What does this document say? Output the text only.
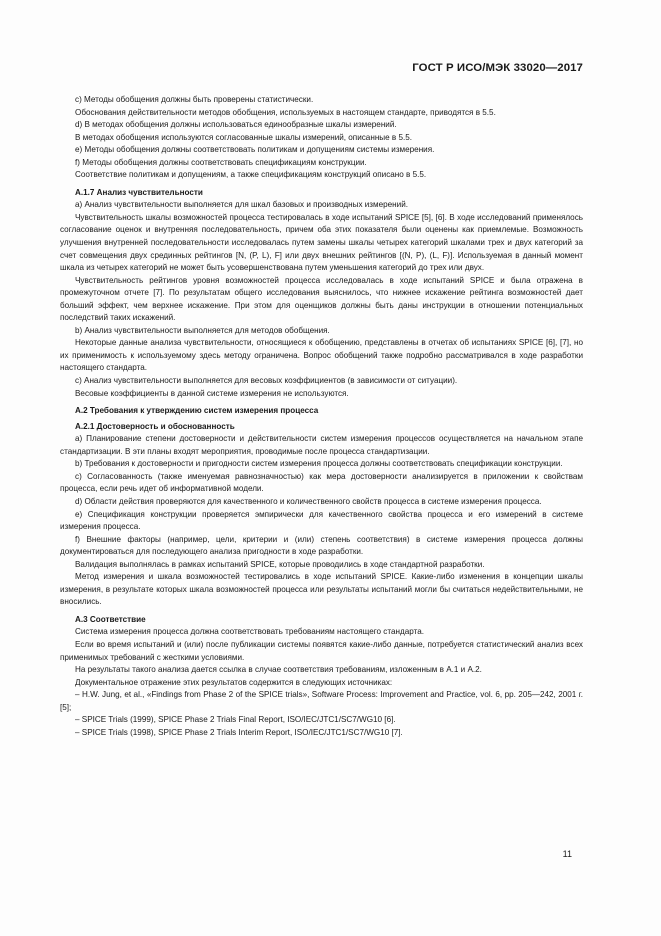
ГОСТ Р ИСО/МЭК 33020—2017

c) Методы обобщения должны быть проверены статистически.

Обоснования действительности методов обобщения, используемых в настоящем стандарте, приводятся в 5.5.

d) В методах обобщения должны использоваться единообразные шкалы измерений.

В методах обобщения используются согласованные шкалы измерений, описанные в 5.5.

e) Методы обобщения должны соответствовать политикам и допущениям системы измерения.

f) Методы обобщения должны соответствовать спецификациям конструкции.

Соответствие политикам и допущениям, а также спецификациям конструкций описано в 5.5.

A.1.7 Анализ чувствительности

a) Анализ чувствительности выполняется для шкал базовых и производных измерений.

Чувствительность шкалы возможностей процесса тестировалась в ходе испытаний SPICE [5], [6]. В ходе исследований применялось согласование оценок и внутренняя последовательность, причем оба этих показателя были оценены как приемлемые. Возможность улучшения внутренней последовательности исследовалась путем замены шкалы четырех категорий шкалами трех и двух категорий за счет совмещения двух срединных рейтингов [N, (P, L), F] или двух внешних рейтингов [(N, P), (L, F)]. Используемая в данный момент шкала из четырех категорий не может быть усовершенствована путем уменьшения категорий до трех или двух.

Чувствительность рейтингов уровня возможностей процесса исследовалась в ходе испытаний SPICE и была отражена в промежуточном отчете [7]. По результатам общего исследования выяснилось, что нижнее искажение рейтинга возможностей дает больший эффект, чем верхнее искажение. При этом для оценщиков должны быть даны инструкции в отношении потенциальных последствий таких искажений.

b) Анализ чувствительности выполняется для методов обобщения.

Некоторые данные анализа чувствительности, относящиеся к обобщению, представлены в отчетах об испытаниях SPICE [6], [7], но их применимость к используемому здесь методу ограничена. Вопрос обобщений также подробно рассматривался в ходе разработки настоящего стандарта.

c) Анализ чувствительности выполняется для весовых коэффициентов (в зависимости от ситуации).

Весовые коэффициенты в данной системе измерения не используются.

A.2 Требования к утверждению систем измерения процесса

A.2.1 Достоверность и обоснованность

a) Планирование степени достоверности и действительности систем измерения процессов осуществляется на начальном этапе стандартизации. В эти планы входят мероприятия, проводимые после процесса стандартизации.

b) Требования к достоверности и пригодности систем измерения процесса должны соответствовать спецификации конструкции.

c) Согласованность (также именуемая равнозначностью) как мера достоверности анализируется в приложении к свойствам процесса, если речь идет об информативной модели.

d) Области действия проверяются для качественного и количественного свойств процесса в системе измерения процесса.

e) Спецификация конструкции проверяется эмпирически для качественного свойства процесса и его измерений в системе измерения процесса.

f) Внешние факторы (например, цели, критерии и (или) степень соответствия) в системе измерения процесса должны документироваться для последующего анализа пригодности в ходе разработки.

Валидация выполнялась в рамках испытаний SPICE, которые проводились в ходе стандартной разработки.

Метод измерения и шкала возможностей тестировались в ходе испытаний SPICE. Какие-либо изменения в концепции шкалы измерения, в результате которых шкала возможностей процесса или результаты испытаний могли бы считаться недействительными, не вносились.

A.3 Соответствие

Система измерения процесса должна соответствовать требованиям настоящего стандарта.

Если во время испытаний и (или) после публикации системы появятся какие-либо данные, потребуется статистический анализ всех применимых требований с жесткими условиями.

На результаты такого анализа дается ссылка в случае соответствия требованиям, изложенным в A.1 и A.2.

Документальное отражение этих результатов содержится в следующих источниках:

– H.W. Jung, et al., «Findings from Phase 2 of the SPICE trials», Software Process: Improvement and Practice, vol. 6, pp. 205—242, 2001 г. [5];

– SPICE Trials (1999), SPICE Phase 2 Trials Final Report, ISO/IEC/JTC1/SC7/WG10 [6].

– SPICE Trials (1998), SPICE Phase 2 Trials Interim Report, ISO/IEC/JTC1/SC7/WG10 [7].

11
